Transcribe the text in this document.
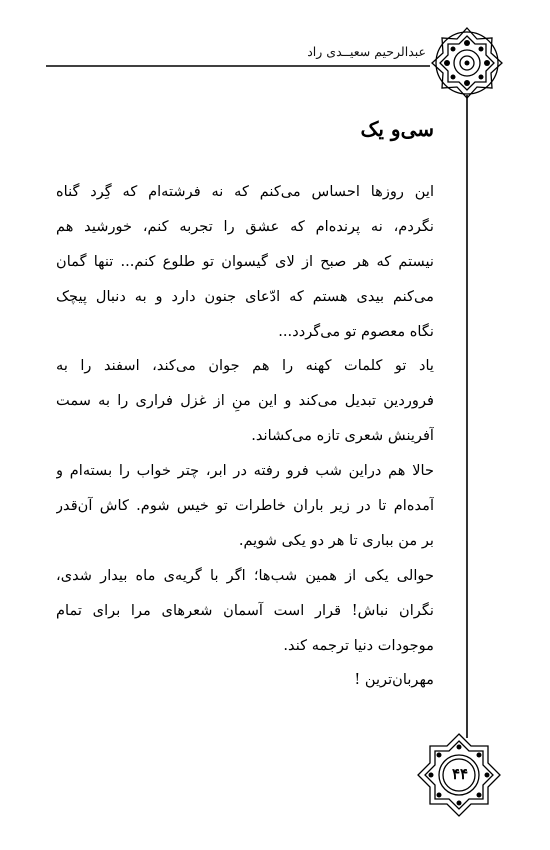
عبدالرحیم سعیــدی راد
سی‌و یک
این روزها احساس می‌کنم که نه فرشته‌ام که گِرد گناه
نگردم، نه پرنده‌ام که عشق را تجربه کنم، خورشید هم
نیستم که هر صبح از لای گیسوان تو طلوع کنم... تنها گمان
می‌کنم بیدی هستم که ادّعای جنون دارد و به دنبال پیچک
نگاه معصوم تو می‌گردد...
یاد تو کلمات کهنه را هم جوان می‌کند، اسفند را به
فروردین تبدیل می‌کند و این منِ از غزل فراری را به سمت
آفرینش شعری تازه می‌کشاند.
حالا هم دراین شب فرو رفته در ابر، چتر خواب را بسته‌ام و
آمده‌ام تا در زیر باران خاطرات تو خیس شوم. کاش آن‌قدر
بر من بباری تا هر دو یکی شویم.
حوالی یکی از همین شب‌ها؛ اگر با گریه‌ی ماه بیدار شدی،
نگران نباش! قرار است آسمان شعرهای مرا برای تمام
موجودات دنیا ترجمه کند.
مهربان‌ترین !
۴۴
